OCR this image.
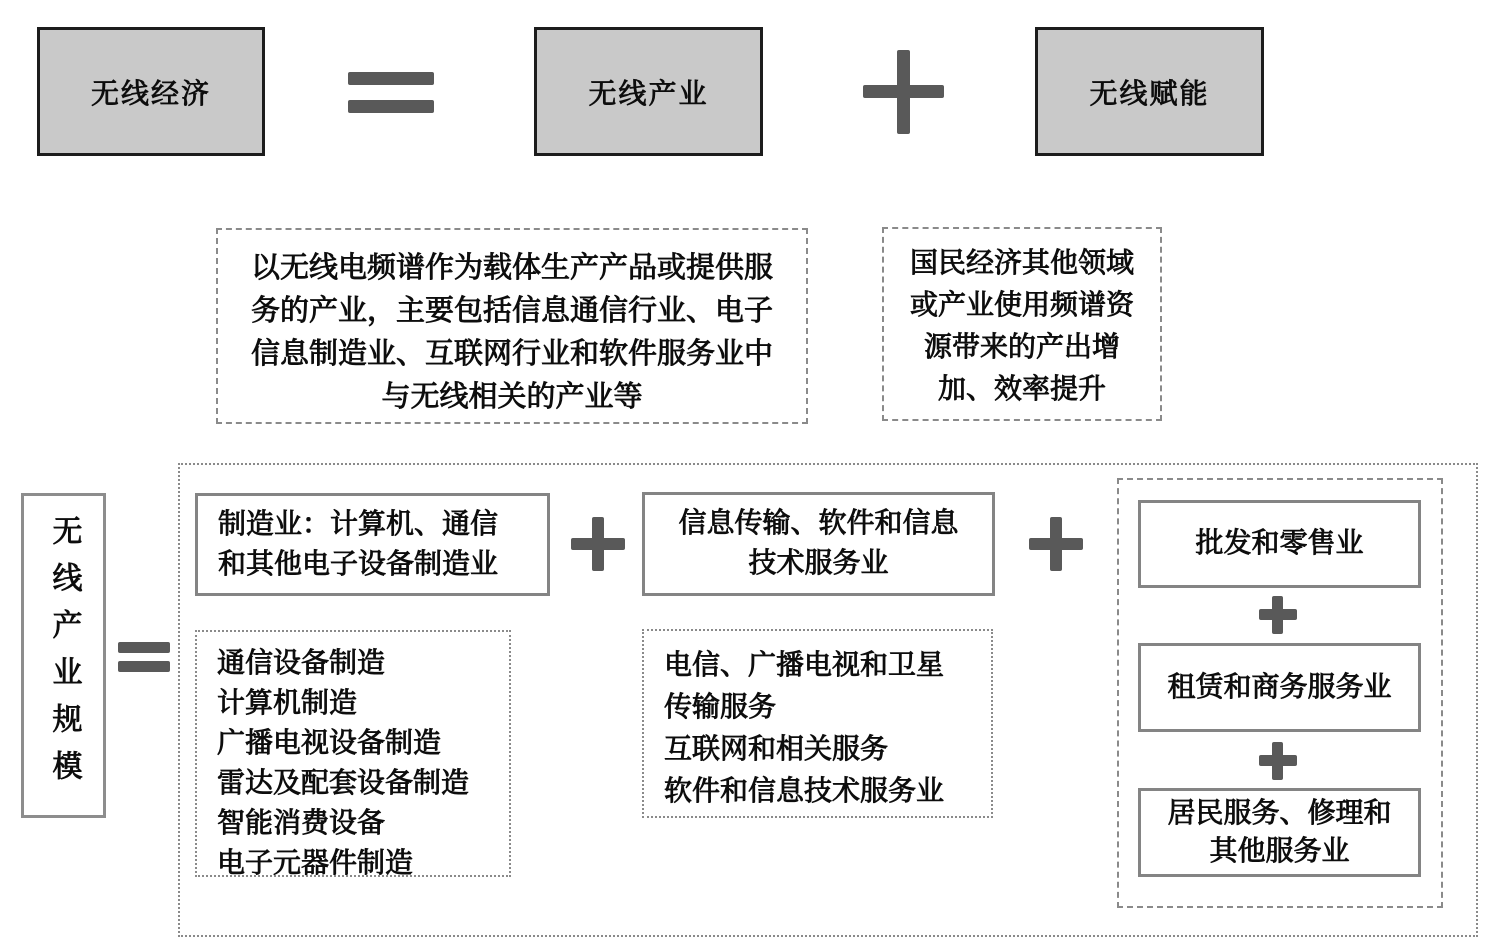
无线经济	无线产业	无线赋能
以无线电频谱作为载体生产产品或提供服
务的产业，主要包括信息通信行业、电子
信息制造业、互联网行业和软件服务业中
与无线相关的产业等
国民经济其他领域
或产业使用频谱资
源带来的产出增
加、效率提升
无线产业规模	制造业：计算机、通信
和其他电子设备制造业
通信设备制造
计算机制造
广播电视设备制造
雷达及配套设备制造
智能消费设备
电子元器件制造
信息传输、软件和信息
技术服务业
电信、广播电视和卫星
传输服务
互联网和相关服务
软件和信息技术服务业
批发和零售业
租赁和商务服务业
居民服务、修理和
其他服务业
